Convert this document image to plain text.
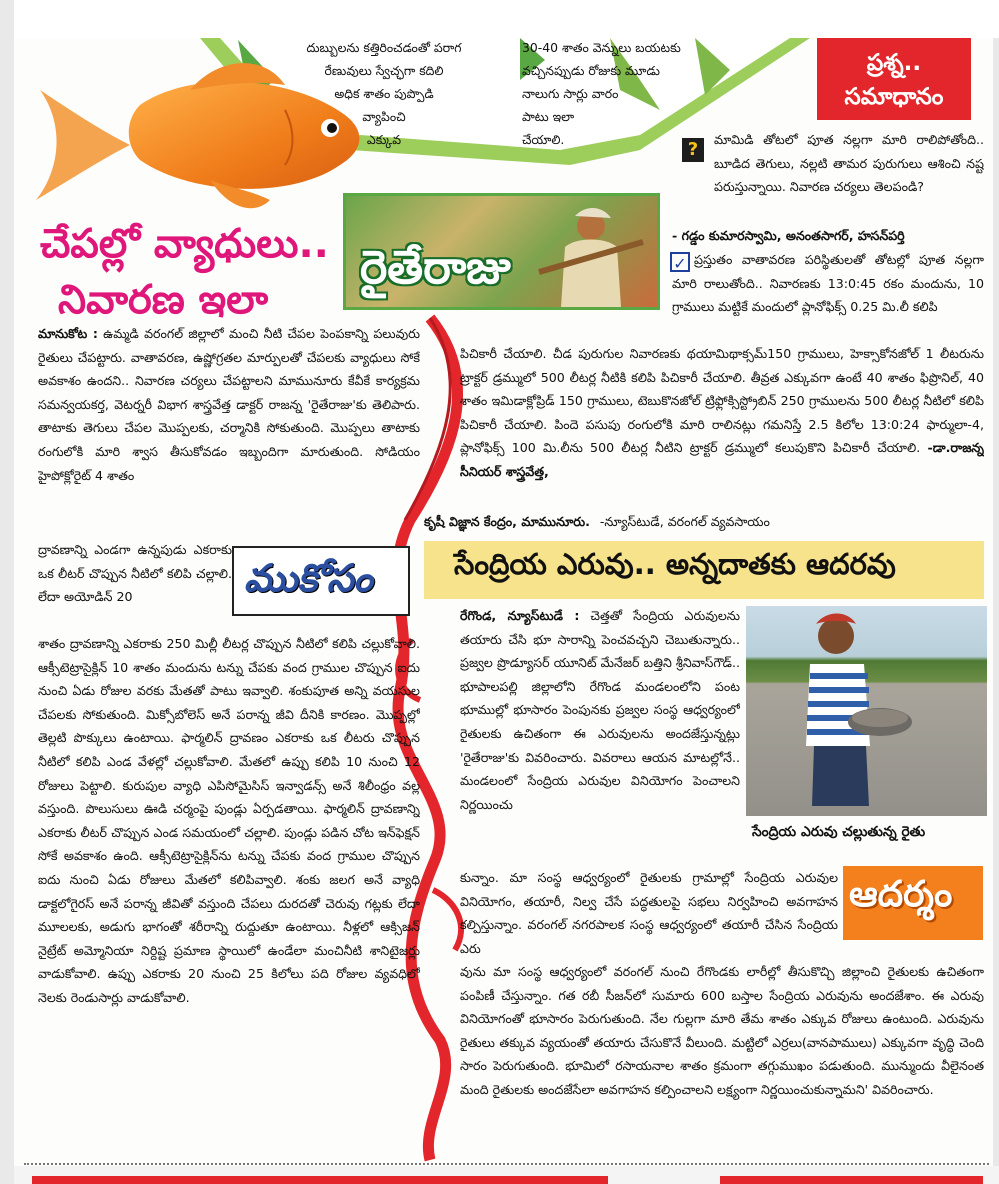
దుబ్బులను కత్తిరించడంతో పరాగ
రేణువులు స్వేచ్ఛగా కదిలి
అధిక శాతం పుప్పొడి
వ్యాపించి
ఎక్కువ
30-40 శాతం వెన్నులు బయటకు
వచ్చినప్పుడు రోజుకు మూడు
నాలుగు సార్లు వారం
పాటు ఇలా
చేయాలి.
ప్రశ్న..
సమాధానం
చేపల్లో వ్యాధులు..
నివారణ ఇలా
రైతేరాజు
?	మామిడి తోటలో పూత నల్లగా మారి రాలిపోతోంది.. బూడిద తెగులు, నల్లటి తామర పురుగులు ఆశించి నష్ట పరుస్తున్నాయి. నివారణ చర్యలు తెలపండి?

- గడ్డం కుమారస్వామి, అనంతసాగర్, హసన్‌పర్తి

✓ ప్రస్తుతం వాతావరణ పరిస్థితులతో తోటల్లో పూత నల్లగా మారి రాలుతోంది.. నివారణకు 13:0:45 రకం మందును, 10 గ్రాములు మట్టికే మందులో ప్లానోఫిక్స్ 0.25 మి.లీ కలిపి

పిచికారీ చేయాలి. చీడ పురుగుల నివారణకు థయామిథాక్సమ్150 గ్రాములు, హెక్సాకోనజోల్ 1 లీటరును ట్రాక్టర్ డ్రమ్ములో 500 లీటర్ల నీటికి కలిపి పిచికారీ చేయాలి. తీవ్రత ఎక్కువగా ఉంటే 40 శాతం ఫిప్రొనిల్, 40 శాతం ఇమిడాక్లోప్రిడ్ 150 గ్రాములు, టెబుకొనజోల్ ట్రిఫ్లోక్సిస్ట్రోబిన్ 250 గ్రాములను 500 లీటర్ల నీటిలో కలిపి పిచికారీ చేయాలి. పిందె పసుపు రంగులోకి మారి రాలినట్లు గమనిస్తే 2.5 కిలోల 13:0:24 ఫార్ములా-4, ప్లానోఫిక్స్ 100 మి.లీను 500 లీటర్ల నీటిని ట్రాక్టర్ డ్రమ్ములో కలుపుకొని పిచికారీ చేయాలి. -డా.రాజన్న సీనియర్ శాస్త్రవేత్త,

కృషీ విజ్ఞాన కేంద్రం, మామునూరు. -న్యూస్‌టుడే, వరంగల్ వ్యవసాయం

మానుకోట : ఉమ్మడి వరంగల్ జిల్లాలో మంచి నీటి చేపల పెంపకాన్ని పలువురు రైతులు చేపట్టారు. వాతావరణ, ఉష్ణోగ్రతల మార్పులతో చేపలకు వ్యాధులు సోకే అవకాశం ఉందని.. నివారణ చర్యలు చేపట్టాలని మామునూరు కేవీకే కార్యక్రమ సమన్వయకర్త, వెటర్నరీ విభాగ శాస్త్రవేత్త డాక్టర్ రాజన్న 'రైతేరాజు'కు తెలిపారు. తాటాకు తెగులు చేపల మొప్పలకు, చర్మానికి సోకుతుంది. మొప్పలు తాటాకు రంగులోకి మారి శ్వాస తీసుకోవడం ఇబ్బందిగా మారుతుంది. సోడియం హైపోక్లోరైట్ 4 శాతం

ద్రావణాన్ని ఎండగా ఉన్నపుడు ఎకరాకు ఒక లీటర్ చొప్పున నీటిలో కలిపి చల్లాలి. లేదా అయోడిన్ 20	ముకోసం

శాతం ద్రావణాన్ని ఎకరాకు 250 మిల్లీ లీటర్ల చొప్పున నీటిలో కలిపి చల్లుకోవాలి. ఆక్సీటెట్రాసైక్లిన్ 10 శాతం మందును టన్ను చేపకు వంద గ్రాముల చొప్పున ఐదు నుంచి ఏడు రోజుల వరకు మేతతో పాటు ఇవ్వాలి. శంకుపూత అన్ని వయసుల చేపలకు సోకుతుంది. మిక్సోబోలెస్ అనే పరాన్న జీవి దీనికి కారణం. మొప్పల్లో తెల్లటి పొక్కులు ఉంటాయి. ఫార్మలిన్ ద్రావణం ఎకరాకు ఒక లీటరు చొప్పున నీటిలో కలిపి ఎండ వేళల్లో చల్లుకోవాలి. మేతలో ఉప్పు కలిపి 10 నుంచి 12 రోజులు పెట్టాలి. కురుపుల వ్యాధి ఎపిసోమైసిస్ ఇన్వాడన్స్ అనే శిలీంధ్రం వల్ల వస్తుంది. పొలుసులు ఊడి చర్మంపై పుండ్లు ఏర్పడతాయి. ఫార్మలిన్ ద్రావణాన్ని ఎకరాకు లీటర్ చొప్పున ఎండ సమయంలో చల్లాలి. పుండ్లు పడిన చోట ఇన్‌ఫెక్షన్ సోకే అవకాశం ఉంది. ఆక్సీటెట్రాసైక్లిన్‌ను టన్ను చేపకు వంద గ్రాముల చొప్పున ఐదు నుంచి ఏడు రోజులు మేతలో కలిపివ్వాలి. శంకు జలగ అనే వ్యాధి డాక్టలోగైరస్ అనే పరాన్న జీవితో వస్తుంది చేపలు దురదతో చెరువు గట్లకు లేదా మూలలకు, అడుగు భాగంతో శరీరాన్ని రుద్దుతూ ఉంటాయి. నీళ్లలో ఆక్సిజన్ నైట్రేట్ అమ్మోనియా నిర్దిష్ట ప్రమాణ స్థాయిలో ఉండేలా మంచినీటి శానిటైజర్లు వాడుకోవాలి. ఉప్పు ఎకరాకు 20 నుంచి 25 కిలోలు పది రోజుల వ్యవధిలో నెలకు రెండుసార్లు వాడుకోవాలి.

సేంద్రియ ఎరువు.. అన్నదాతకు ఆదరవు

రేగొండ, న్యూస్‌టుడే : చెత్తతో సేంద్రియ ఎరువులను తయారు చేసి భూ సారాన్ని పెంచవచ్చని చెబుతున్నారు.. ప్రజ్వల ప్రొడ్యూసర్ యూనిట్ మేనేజర్ బత్తిని శ్రీనివాస్‌గౌడ్.. భూపాలపల్లి జిల్లాలోని రేగొండ మండలంలోని పంట భూముల్లో భూసారం పెంపునకు ప్రజ్వల సంస్థ ఆధ్వర్యంలో రైతులకు ఉచితంగా ఈ ఎరువులను అందజేస్తున్నట్లు 'రైతేరాజు'కు వివరించారు. వివరాలు ఆయన మాటల్లోనే.. మండలంలో సేంద్రియ ఎరువుల వినియోగం పెంచాలని నిర్ణయించు

సేంద్రియ ఎరువు చల్లుతున్న రైతు

కున్నాం. మా సంస్థ ఆధ్వర్యంలో రైతులకు గ్రామాల్లో సేంద్రియ ఎరువుల వినియోగం, తయారీ, నిల్వ చేసే పద్ధతులపై సభలు నిర్వహించి అవగాహన కల్పిస్తున్నాం. వరంగల్ నగరపాలక సంస్థ ఆధ్వర్యంలో తయారీ చేసిన సేంద్రియ ఎరు

ఆదర్శం

వును మా సంస్థ ఆధ్వర్యంలో వరంగల్ నుంచి రేగొండకు లారీల్లో తీసుకొచ్చి జిల్లాంచి రైతులకు ఉచితంగా పంపిణీ చేస్తున్నాం. గత రబీ సీజన్‌లో సుమారు 600 బస్తాల సేంద్రియ ఎరువును అందజేశాం. ఈ ఎరువు వినియోగంతో భూసారం పెరుగుతుంది. నేల గుల్లగా మారి తేమ శాతం ఎక్కువ రోజులు ఉంటుంది. ఎరువును రైతులు తక్కువ వ్యయంతో తయారు చేసుకొనే వీలుంది. మట్టిలో ఎర్రలు(వానపాములు) ఎక్కువగా వృద్ధి చెంది సారం పెరుగుతుంది. భూమిలో రసాయనాల శాతం క్రమంగా తగ్గుముఖం పడుతుంది. మున్ముందు వీలైనంత మంది రైతులకు అందజేసేలా అవగాహన కల్పించాలని లక్ష్యంగా నిర్ణయించుకున్నామని' వివరించారు.
